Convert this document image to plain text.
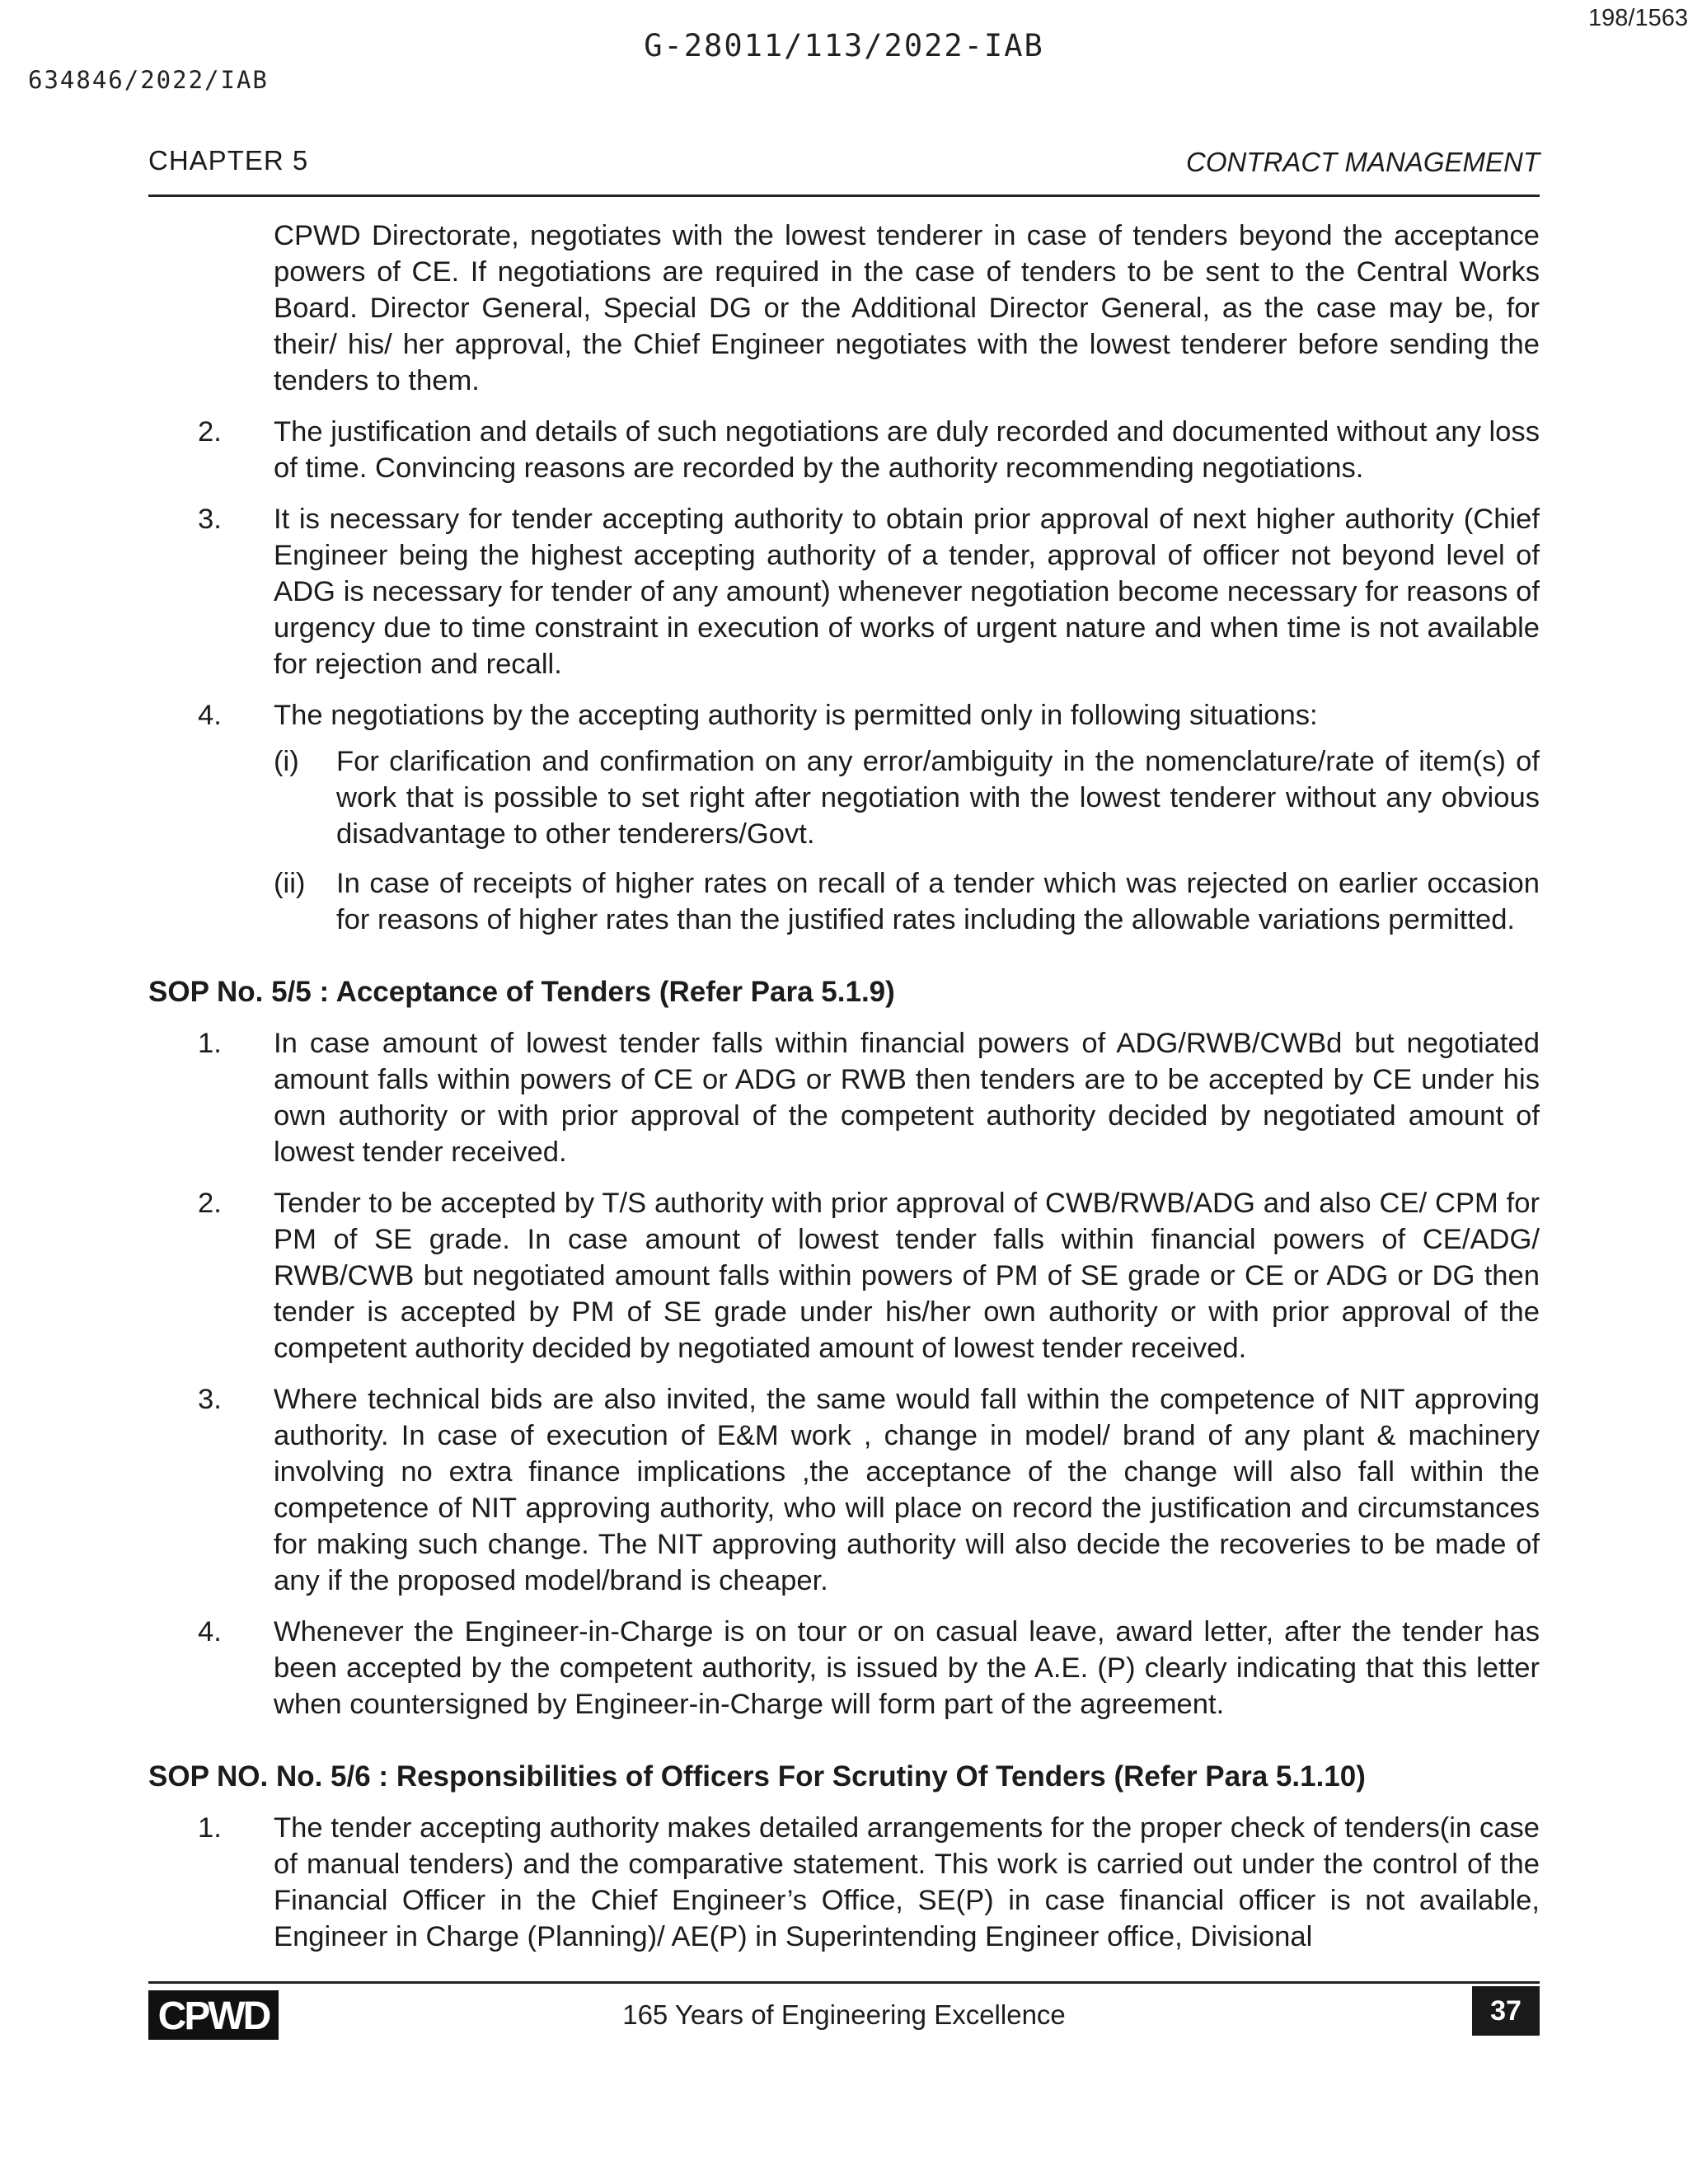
G-28011/113/2022-IAB
198/1563
634846/2022/IAB
CHAPTER 5	CONTRACT MANAGEMENT
CPWD Directorate, negotiates with the lowest tenderer in case of tenders beyond the acceptance powers of CE. If negotiations are required in the case of tenders to be sent to the Central Works Board. Director General, Special DG or the Additional Director General, as the case may be, for their/ his/ her approval, the Chief Engineer negotiates with the lowest tenderer before sending the tenders to them.
2.	The justification and details of such negotiations are duly recorded and documented without any loss of time. Convincing reasons are recorded by the authority recommending negotiations.
3.	It is necessary for tender accepting authority to obtain prior approval of next higher authority (Chief Engineer being the highest accepting authority of a tender, approval of officer not beyond level of ADG is necessary for tender of any amount) whenever negotiation become necessary for reasons of urgency due to time constraint in execution of works of urgent nature and when time is not available for rejection and recall.
4.	The negotiations by the accepting authority is permitted only in following situations:
(i)	For clarification and confirmation on any error/ambiguity in the nomenclature/rate of item(s) of work that is possible to set right after negotiation with the lowest tenderer without any obvious disadvantage to other tenderers/Govt.
(ii)	In case of receipts of higher rates on recall of a tender which was rejected on earlier occasion for reasons of higher rates than the justified rates including the allowable variations permitted.
SOP No. 5/5 : Acceptance of Tenders (Refer Para 5.1.9)
1.	In case amount of lowest tender falls within financial powers of ADG/RWB/CWBd but negotiated amount falls within powers of CE or ADG or RWB then tenders are to be accepted by CE under his own authority or with prior approval of the competent authority decided by negotiated amount of lowest tender received.
2.	Tender to be accepted by T/S authority with prior approval of CWB/RWB/ADG and also CE/ CPM for PM of SE grade. In case amount of lowest tender falls within financial powers of CE/ADG/ RWB/CWB but negotiated amount falls within powers of PM of SE grade or CE or ADG or DG then tender is accepted by PM of SE grade under his/her own authority or with prior approval of the competent authority decided by negotiated amount of lowest tender received.
3.	Where technical bids are also invited, the same would fall within the competence of NIT approving authority. In case of execution of E&M work , change in model/ brand of any plant & machinery involving no extra finance implications ,the acceptance of the change will also fall within the competence of NIT approving authority, who will place on record the justification and circumstances for making such change. The NIT approving authority will also decide the recoveries to be made of any if the proposed model/brand is cheaper.
4.	Whenever the Engineer-in-Charge is on tour or on casual leave, award letter, after the tender has been accepted by the competent authority, is issued by the A.E. (P) clearly indicating that this letter when countersigned by Engineer-in-Charge will form part of the agreement.
SOP NO. No. 5/6 : Responsibilities of Officers For Scrutiny Of Tenders (Refer Para 5.1.10)
1.	The tender accepting authority makes detailed arrangements for the proper check of tenders(in case of manual tenders) and the comparative statement. This work is carried out under the control of the Financial Officer in the Chief Engineer’s Office, SE(P) in case financial officer is not available, Engineer in Charge (Planning)/ AE(P) in Superintending Engineer office, Divisional
CPWD	165 Years of Engineering Excellence	37
